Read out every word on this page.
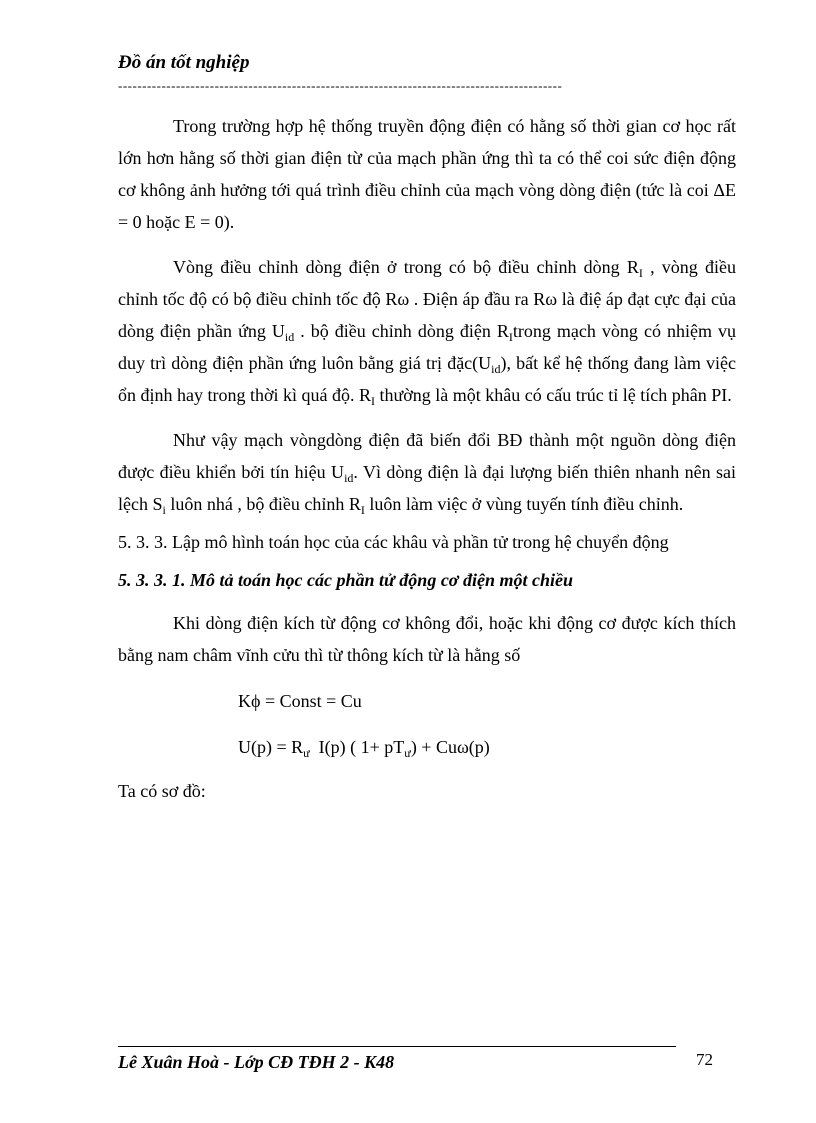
Đồ án tốt nghiệp
--------------------------------------------------------------------------------------------

Trong trường hợp hệ thống truyền động điện có hằng số thời gian cơ học rất lớn hơn hằng số thời gian điện từ của mạch phần ứng thì ta có thể coi sức điện động cơ không ảnh hưởng tới quá trình điều chỉnh của mạch vòng dòng điện (tức là coi ΔE = 0 hoặc E = 0).

Vòng điều chỉnh dòng điện ở trong có bộ điều chỉnh dòng $R_I$ , vòng điều chỉnh tốc độ có bộ điều chỉnh tốc độ Rω . Điện áp đầu ra Rω là điệ áp đạt cực đại của dòng điện phần ứng $U_{id}$ . bộ điều chỉnh dòng điện $R_Itrong$ mạch vòng có nhiệm vụ duy trì dòng điện phần ứng luôn bằng giá trị $đặc(U_{id})$, bất kể hệ thống đang làm việc ổn định hay trong thời kì quá độ. $R_I$ thường là một khâu có cấu trúc tỉ lệ tích phân PI.

Như vậy mạch vòngdòng điện đã biến đổi BĐ thành một nguồn dòng điện được điều khiển bởi tín hiệu $U_{id}$. Vì dòng điện là đại lượng biến thiên nhanh nên sai lệch $S_i$ luôn nhá , bộ điều chỉnh $R_I$ luôn làm việc ở vùng tuyến tính điều chỉnh.

5. 3. 3. Lập mô hình toán học của các khâu và phần tử trong hệ chuyển động

5. 3. 3. 1. Mô tả toán học các phần tử động cơ điện một chiều

Khi dòng điện kích từ động cơ không đổi, hoặc khi động cơ được kích thích bằng nam châm vĩnh cửu thì từ thông kích từ là hằng số

Kϕ = Const = Cu

$U(p) = R_ư$  I(p) ( $1+ pT_ư) + Cu\omega(p)$

Ta có sơ đồ:

Lê Xuân Hoà - Lớp CĐ TĐH 2 - K48	72
